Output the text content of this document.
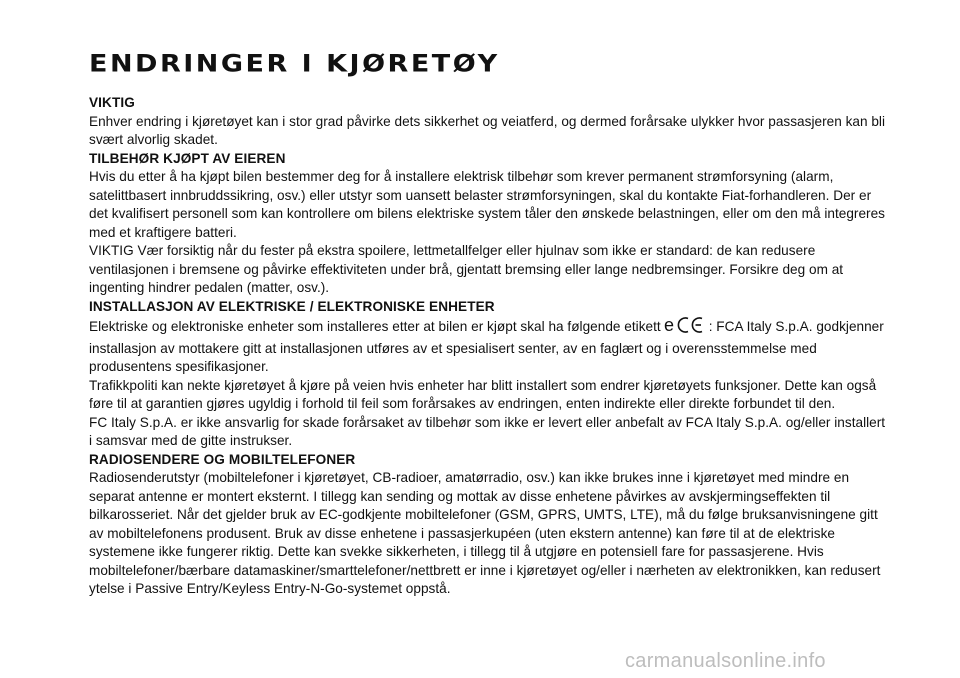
ENDRINGER I KJØRETØY
VIKTIG

Enhver endring i kjøretøyet kan i stor grad påvirke dets sikkerhet og veiatferd, og dermed forårsake ulykker hvor passasjeren kan bli svært alvorlig skadet.

TILBEHØR KJØPT AV EIEREN

Hvis du etter å ha kjøpt bilen bestemmer deg for å installere elektrisk tilbehør som krever permanent strømforsyning (alarm, satelittbasert innbruddssikring, osv.) eller utstyr som uansett belaster strømforsyningen, skal du kontakte Fiat-forhandleren. Der er det kvalifisert personell som kan kontrollere om bilens elektriske system tåler den ønskede belastningen, eller om den må integreres med et kraftigere batteri.

VIKTIG Vær forsiktig når du fester på ekstra spoilere, lettmetallfelger eller hjulnav som ikke er standard: de kan redusere ventilasjonen i bremsene og påvirke effektiviteten under brå, gjentatt bremsing eller lange nedbremsinger. Forsikre deg om at ingenting hindrer pedalen (matter, osv.).

INSTALLASJON AV ELEKTRISKE / ELEKTRONISKE ENHETER

Elektriske og elektroniske enheter som installeres etter at bilen er kjøpt skal ha følgende etikett e	: FCA Italy S.p.A. godkjenner installasjon av mottakere gitt at installasjonen utføres av et spesialisert senter, av en faglært og i overensstemmelse med produsentens spesifikasjoner.

Trafikkpoliti kan nekte kjøretøyet å kjøre på veien hvis enheter har blitt installert som endrer kjøretøyets funksjoner. Dette kan også føre til at garantien gjøres ugyldig i forhold til feil som forårsakes av endringen, enten indirekte eller direkte forbundet til den.

FC Italy S.p.A. er ikke ansvarlig for skade forårsaket av tilbehør som ikke er levert eller anbefalt av FCA Italy S.p.A. og/eller installert i samsvar med de gitte instrukser.

RADIOSENDERE OG MOBILTELEFONER

Radiosenderutstyr (mobiltelefoner i kjøretøyet, CB-radioer, amatørradio, osv.) kan ikke brukes inne i kjøretøyet med mindre en separat antenne er montert eksternt. I tillegg kan sending og mottak av disse enhetene påvirkes av avskjermingseffekten til bilkarosseriet. Når det gjelder bruk av EC-godkjente mobiltelefoner (GSM, GPRS, UMTS, LTE), må du følge bruksanvisningene gitt av mobiltelefonens produsent. Bruk av disse enhetene i passasjerkupéen (uten ekstern antenne) kan føre til at de elektriske systemene ikke fungerer riktig. Dette kan svekke sikkerheten, i tillegg til å utgjøre en potensiell fare for passasjerene. Hvis mobiltelefoner/bærbare datamaskiner/smarttelefoner/nettbrett er inne i kjøretøyet og/eller i nærheten av elektronikken, kan redusert ytelse i Passive Entry/Keyless Entry-N-Go-systemet oppstå.

carmanualsonline.info
